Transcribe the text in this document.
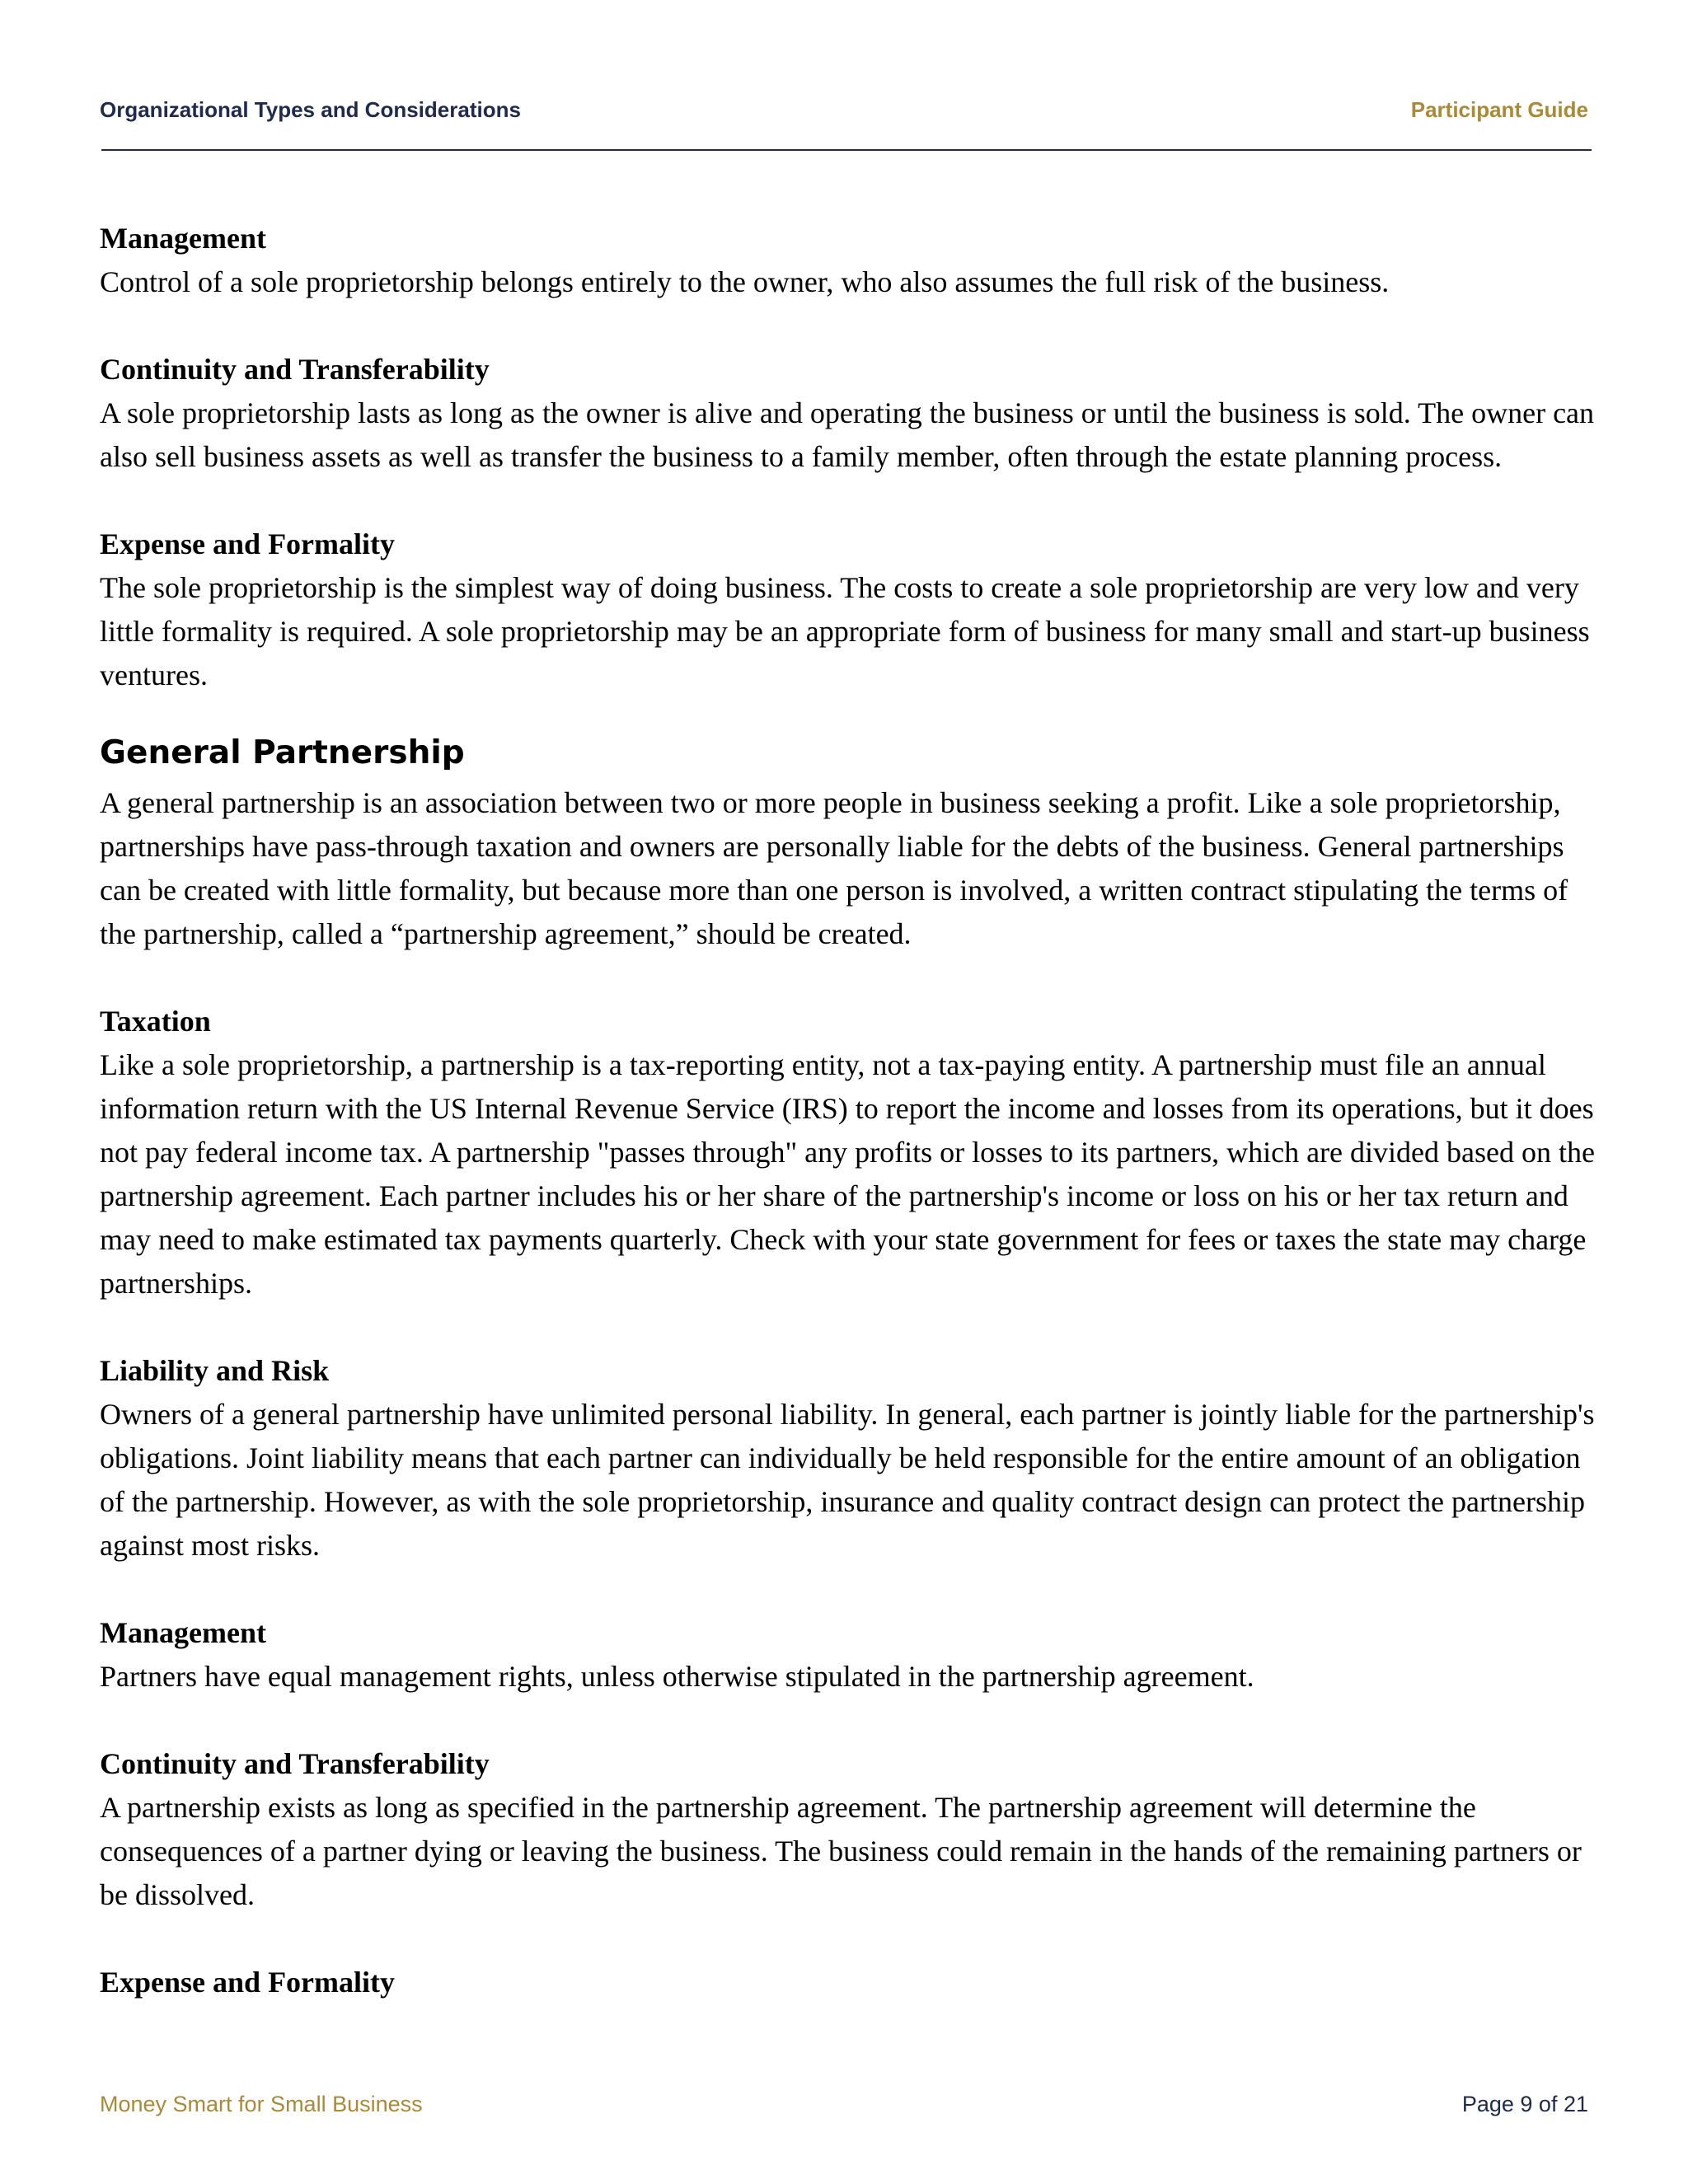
Organizational Types and Considerations	Participant Guide

Management

Control of a sole proprietorship belongs entirely to the owner, who also assumes the full risk of the business.

Continuity and Transferability

A sole proprietorship lasts as long as the owner is alive and operating the business or until the business is sold. The owner can also sell business assets as well as transfer the business to a family member, often through the estate planning process.

Expense and Formality

The sole proprietorship is the simplest way of doing business. The costs to create a sole proprietorship are very low and very little formality is required. A sole proprietorship may be an appropriate form of business for many small and start-up business ventures.

General Partnership

A general partnership is an association between two or more people in business seeking a profit. Like a sole proprietorship, partnerships have pass-through taxation and owners are personally liable for the debts of the business. General partnerships can be created with little formality, but because more than one person is involved, a written contract stipulating the terms of the partnership, called a “partnership agreement,” should be created.

Taxation

Like a sole proprietorship, a partnership is a tax-reporting entity, not a tax-paying entity. A partnership must file an annual information return with the US Internal Revenue Service (IRS) to report the income and losses from its operations, but it does not pay federal income tax. A partnership "passes through" any profits or losses to its partners, which are divided based on the partnership agreement. Each partner includes his or her share of the partnership's income or loss on his or her tax return and may need to make estimated tax payments quarterly. Check with your state government for fees or taxes the state may charge partnerships.

Liability and Risk

Owners of a general partnership have unlimited personal liability. In general, each partner is jointly liable for the partnership's obligations. Joint liability means that each partner can individually be held responsible for the entire amount of an obligation of the partnership. However, as with the sole proprietorship, insurance and quality contract design can protect the partnership against most risks.

Management

Partners have equal management rights, unless otherwise stipulated in the partnership agreement.

Continuity and Transferability

A partnership exists as long as specified in the partnership agreement. The partnership agreement will determine the consequences of a partner dying or leaving the business. The business could remain in the hands of the remaining partners or be dissolved.

Expense and Formality

Money Smart for Small Business	Page 9 of 21
